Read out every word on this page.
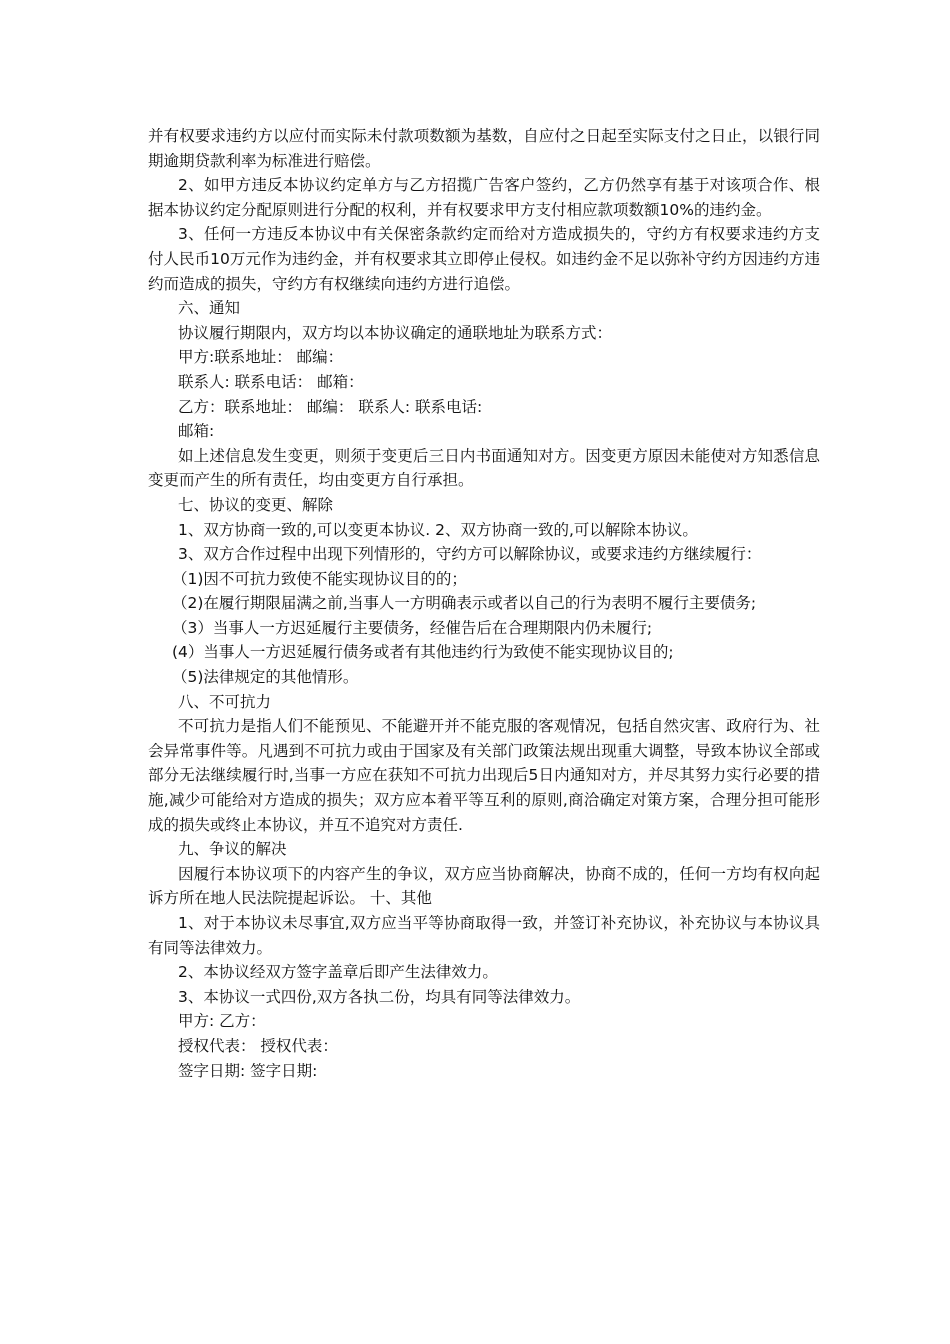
并有权要求违约方以应付而实际未付款项数额为基数，自应付之日起至实际支付之日止，以银行同期逾期贷款利率为标准进行赔偿。

2、如甲方违反本协议约定单方与乙方招揽广告客户签约，乙方仍然享有基于对该项合作、根据本协议约定分配原则进行分配的权利，并有权要求甲方支付相应款项数额10%的违约金。

3、任何一方违反本协议中有关保密条款约定而给对方造成损失的，守约方有权要求违约方支付人民币10万元作为违约金，并有权要求其立即停止侵权。如违约金不足以弥补守约方因违约方违约而造成的损失，守约方有权继续向违约方进行追偿。

六、通知

协议履行期限内，双方均以本协议确定的通联地址为联系方式：

甲方:联系地址： 邮编：

联系人: 联系电话： 邮箱：

乙方：联系地址： 邮编： 联系人: 联系电话:

邮箱:

如上述信息发生变更，则须于变更后三日内书面通知对方。因变更方原因未能使对方知悉信息变更而产生的所有责任，均由变更方自行承担。

七、协议的变更、解除

1、双方协商一致的,可以变更本协议. 2、双方协商一致的,可以解除本协议。

3、双方合作过程中出现下列情形的，守约方可以解除协议，或要求违约方继续履行：

（1)因不可抗力致使不能实现协议目的的；

（2)在履行期限届满之前,当事人一方明确表示或者以自己的行为表明不履行主要债务;

（3）当事人一方迟延履行主要债务，经催告后在合理期限内仍未履行;

(4）当事人一方迟延履行债务或者有其他违约行为致使不能实现协议目的;

（5)法律规定的其他情形。

八、不可抗力

不可抗力是指人们不能预见、不能避开并不能克服的客观情况，包括自然灾害、政府行为、社会异常事件等。凡遇到不可抗力或由于国家及有关部门政策法规出现重大调整，导致本协议全部或部分无法继续履行时,当事一方应在获知不可抗力出现后5日内通知对方，并尽其努力实行必要的措施,减少可能给对方造成的损失；双方应本着平等互利的原则,商洽确定对策方案，合理分担可能形成的损失或终止本协议，并互不追究对方责任.

九、争议的解决

因履行本协议项下的内容产生的争议，双方应当协商解决，协商不成的，任何一方均有权向起诉方所在地人民法院提起诉讼。 十、其他

1、对于本协议未尽事宜,双方应当平等协商取得一致，并签订补充协议，补充协议与本协议具有同等法律效力。

2、本协议经双方签字盖章后即产生法律效力。

3、本协议一式四份,双方各执二份，均具有同等法律效力。

甲方: 乙方：

授权代表： 授权代表：

签字日期: 签字日期:
